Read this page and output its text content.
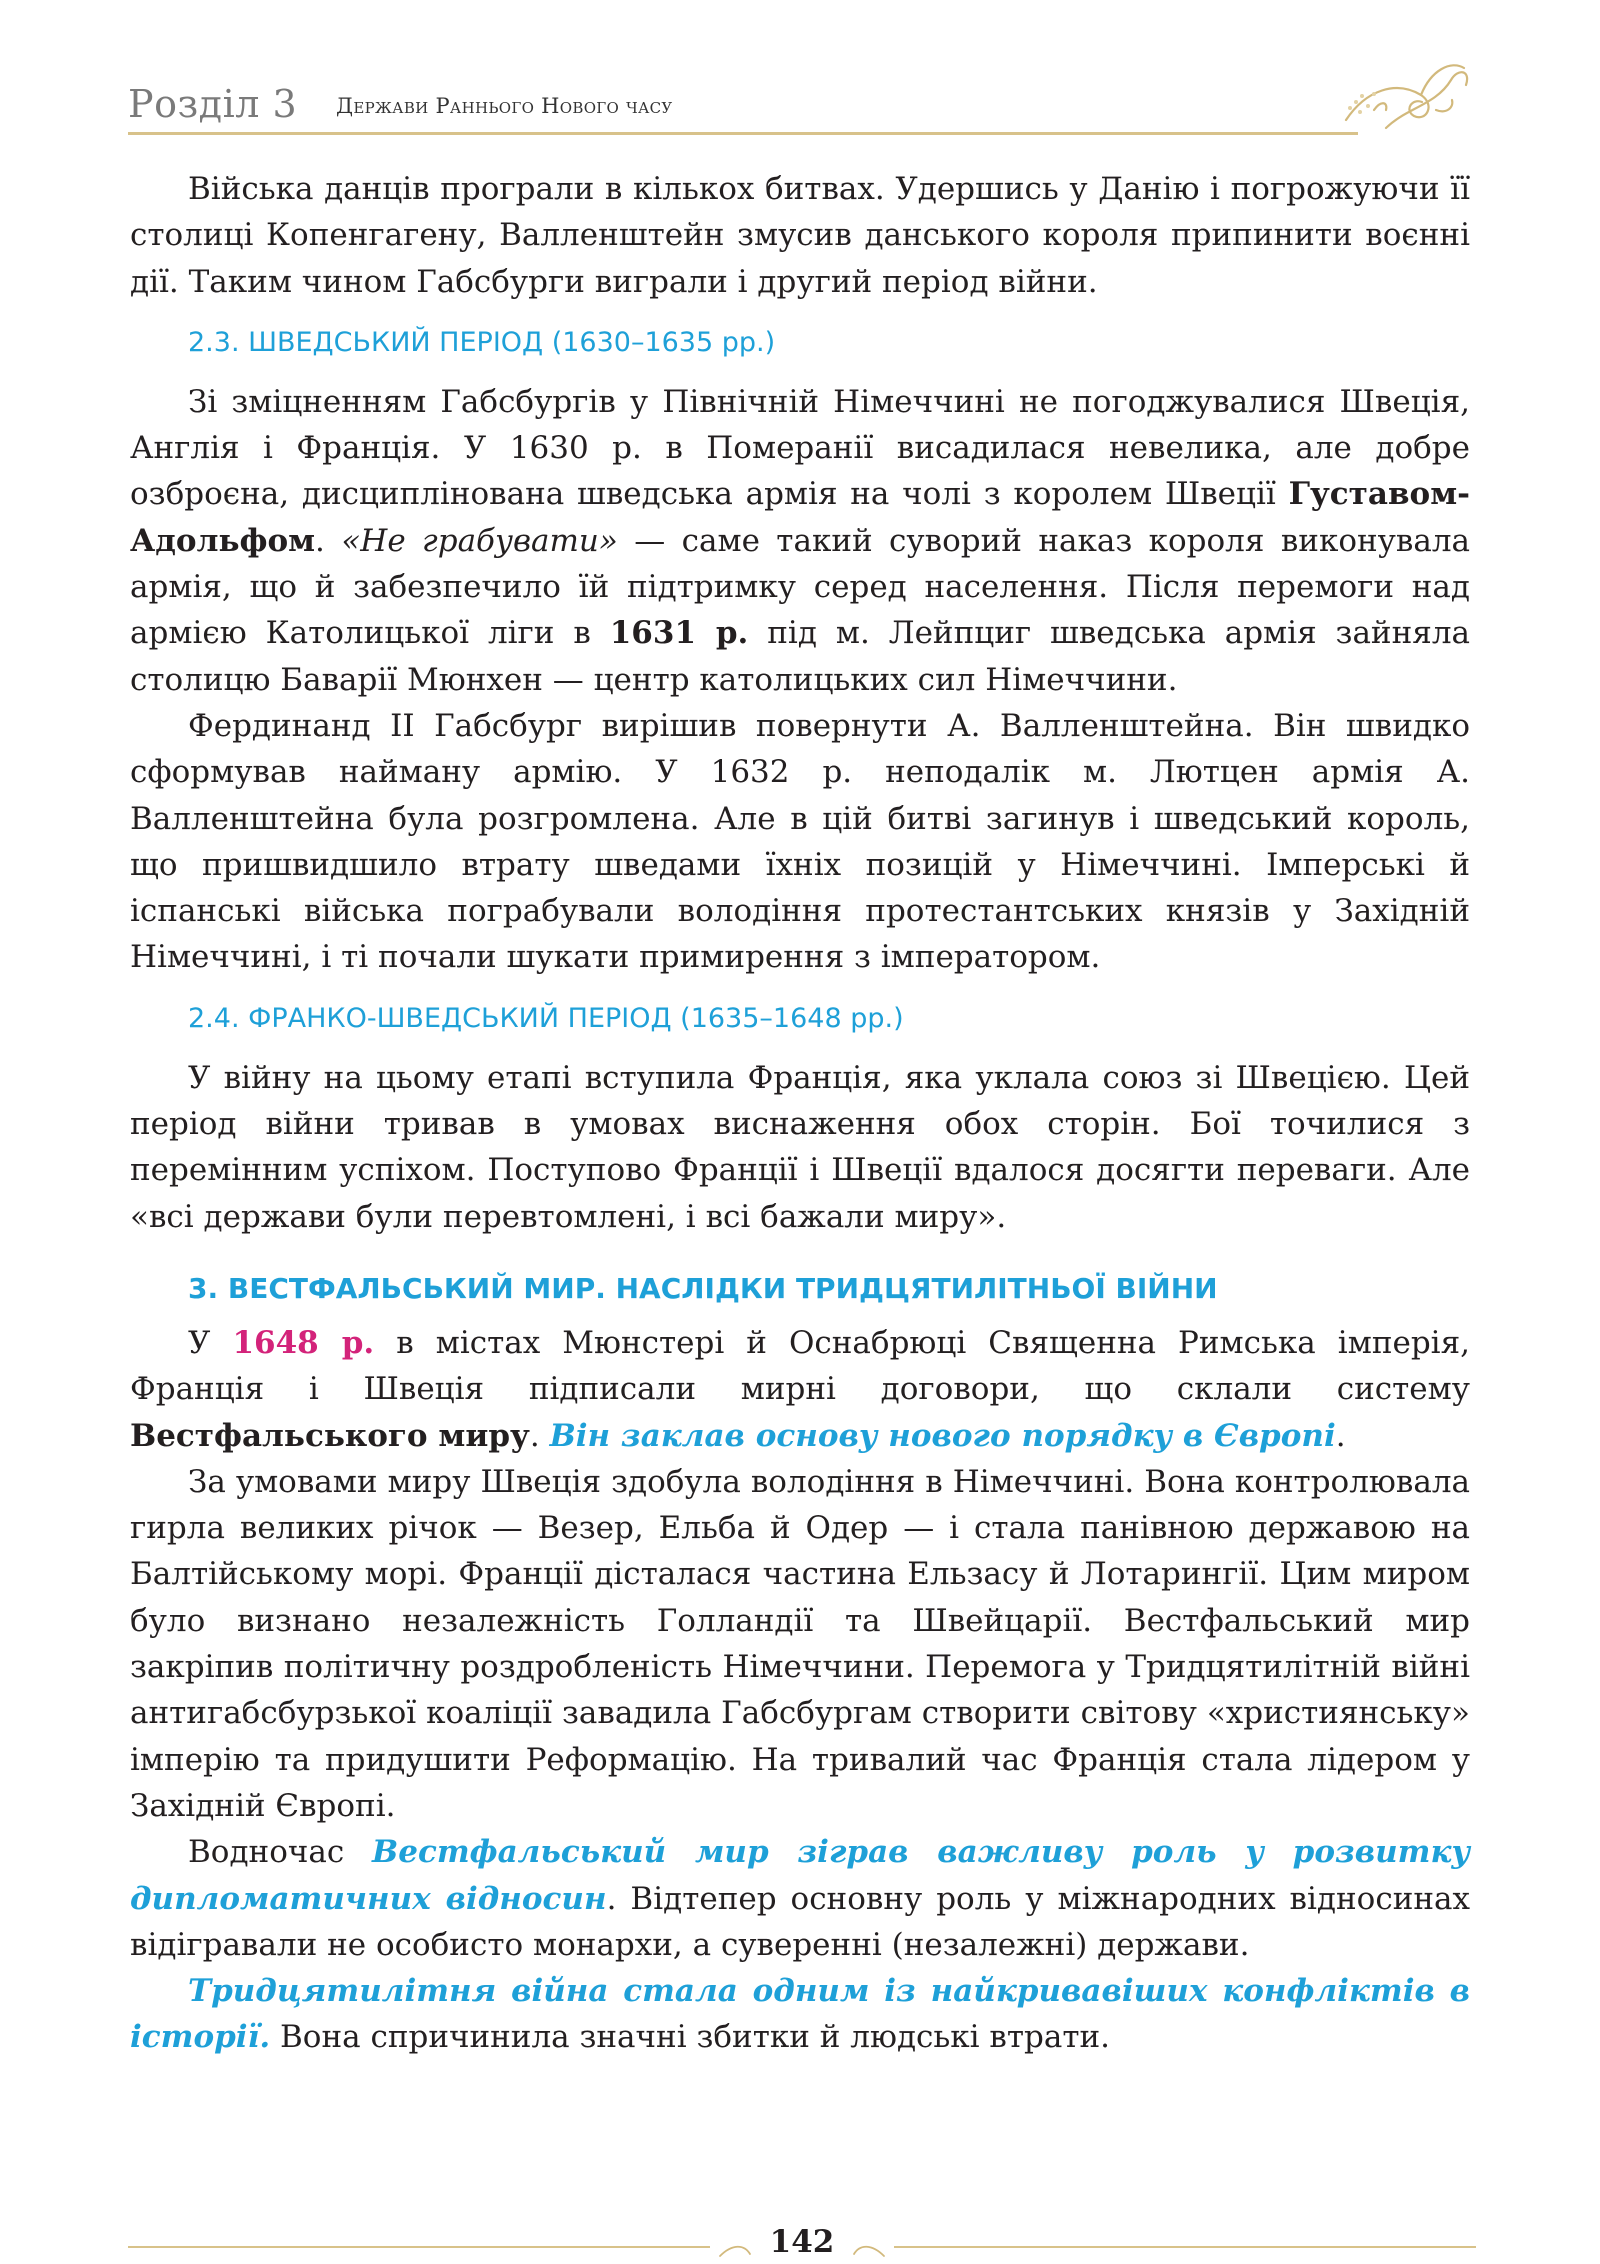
Розділ 3 Держави Раннього Нового часу

Війська данців програли в кількох битвах. Удершись у Данію і погрожуючи її столиці Копенгагену, Валленштейн змусив данського короля припинити воєнні дії. Таким чином Габсбурги виграли і другий період війни.

2.3. ШВЕДСЬКИЙ ПЕРІОД (1630–1635 рр.)

Зі зміцненням Габсбургів у Північній Німеччині не погоджувалися Швеція, Англія і Франція. У 1630 р. в Померанії висадилася невелика, але добре озброєна, дисциплінована шведська армія на чолі з королем Швеції Густавом-Адольфом. «Не грабувати» — саме такий суворий наказ короля виконувала армія, що й забезпечило їй підтримку серед населення. Після перемоги над армією Католицької ліги в 1631 р. під м. Лейпциг шведська армія зайняла столицю Баварії Мюнхен — центр католицьких сил Німеччини.

Фердинанд ІІ Габсбург вирішив повернути А. Валленштейна. Він швидко сформував найману армію. У 1632 р. неподалік м. Лютцен армія А. Валленштейна була розгромлена. Але в цій битві загинув і шведський король, що пришвидшило втрату шведами їхніх позицій у Німеччині. Імперські й іспанські війська пограбували володіння протестантських князів у Західній Німеччині, і ті почали шукати примирення з імператором.

2.4. ФРАНКО-ШВЕДСЬКИЙ ПЕРІОД (1635–1648 рр.)

У війну на цьому етапі вступила Франція, яка уклала союз зі Швецією. Цей період війни тривав в умовах виснаження обох сторін. Бої точилися з перемінним успіхом. Поступово Франції і Швеції вдалося досягти переваги. Але «всі держави були перевтомлені, і всі бажали миру».

3. ВЕСТФАЛЬСЬКИЙ МИР. НАСЛІДКИ ТРИДЦЯТИЛІТНЬОЇ ВІЙНИ

У 1648 р. в містах Мюнстері й Оснабрюці Священна Римська імперія, Франція і Швеція підписали мирні договори, що склали систему Вестфальського миру. Він заклав основу нового порядку в Європі.

За умовами миру Швеція здобула володіння в Німеччині. Вона контролювала гирла великих річок — Везер, Ельба й Одер — і стала панівною державою на Балтійському морі. Франції дісталася частина Ельзасу й Лотарингії. Цим миром було визнано незалежність Голландії та Швейцарії. Вестфальський мир закріпив політичну роздробленість Німеччини. Перемога у Тридцятилітній війні антигабсбурзької коаліції завадила Габсбургам створити світову «християнську» імперію та придушити Реформацію. На тривалий час Франція стала лідером у Західній Європі.

Водночас Вестфальський мир зіграв важливу роль у розвитку дипломатичних відносин. Відтепер основну роль у міжнародних відносинах відігравали не особисто монархи, а суверенні (незалежні) держави.

Тридцятилітня війна стала одним із найкривавіших конфліктів в історії. Вона спричинила значні збитки й людські втрати.

142
